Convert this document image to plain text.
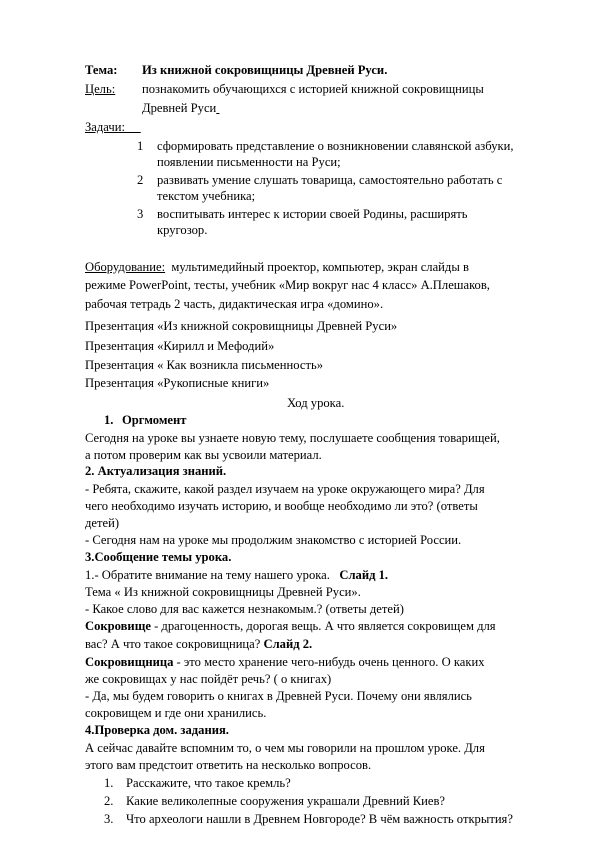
Тема: Из книжной сокровищницы Древней Руси.
Цель: познакомить обучающихся с историей книжной сокровищницы
Древней Руси
Задачи:
1 сформировать представление о возникновении славянской азбуки,
появлении письменности на Руси;
2 развивать умение слушать товарища, самостоятельно работать с
текстом учебника;
3 воспитывать интерес к истории своей Родины, расширять
кругозор.
Оборудование: мультимедийный проектор, компьютер, экран слайды в
режиме PowerPoint, тесты, учебник «Мир вокруг нас 4 класс» А.Плешаков,
рабочая тетрадь 2 часть, дидактическая игра «домино».
Презентация «Из книжной сокровищницы Древней Руси»
Презентация «Кирилл и Мефодий»
Презентация « Как возникла письменность»
Презентация «Рукописные книги»
Ход урока.
1. Оргмомент
Сегодня на уроке вы узнаете новую тему, послушаете сообщения товарищей,
а потом проверим как вы усвоили материал.
2. Актуализация знаний.
- Ребята, скажите, какой раздел изучаем на уроке окружающего мира? Для
чего необходимо изучать историю, и вообще необходимо ли это? (ответы
детей)
- Сегодня нам на уроке мы продолжим знакомство с историей России.
3.Сообщение темы урока.
1.- Обратите внимание на тему нашего урока. Слайд 1.
Тема « Из книжной сокровищницы Древней Руси».
- Какое слово для вас кажется незнакомым.? (ответы детей)
Сокровище - драгоценность, дорогая вещь. А что является сокровищем для
вас? А что такое сокровищница? Слайд 2.
Сокровищница - это место хранение чего-нибудь очень ценного. О каких
же сокровищах у нас пойдёт речь? ( о книгах)
- Да, мы будем говорить о книгах в Древней Руси. Почему они являлись
сокровищем и где они хранились.
4.Проверка дом. задания.
А сейчас давайте вспомним то, о чем мы говорили на прошлом уроке. Для
этого вам предстоит ответить на несколько вопросов.
1. Расскажите, что такое кремль?
2. Какие великолепные сооружения украшали Древний Киев?
3. Что археологи нашли в Древнем Новгороде? В чём важность открытия?
